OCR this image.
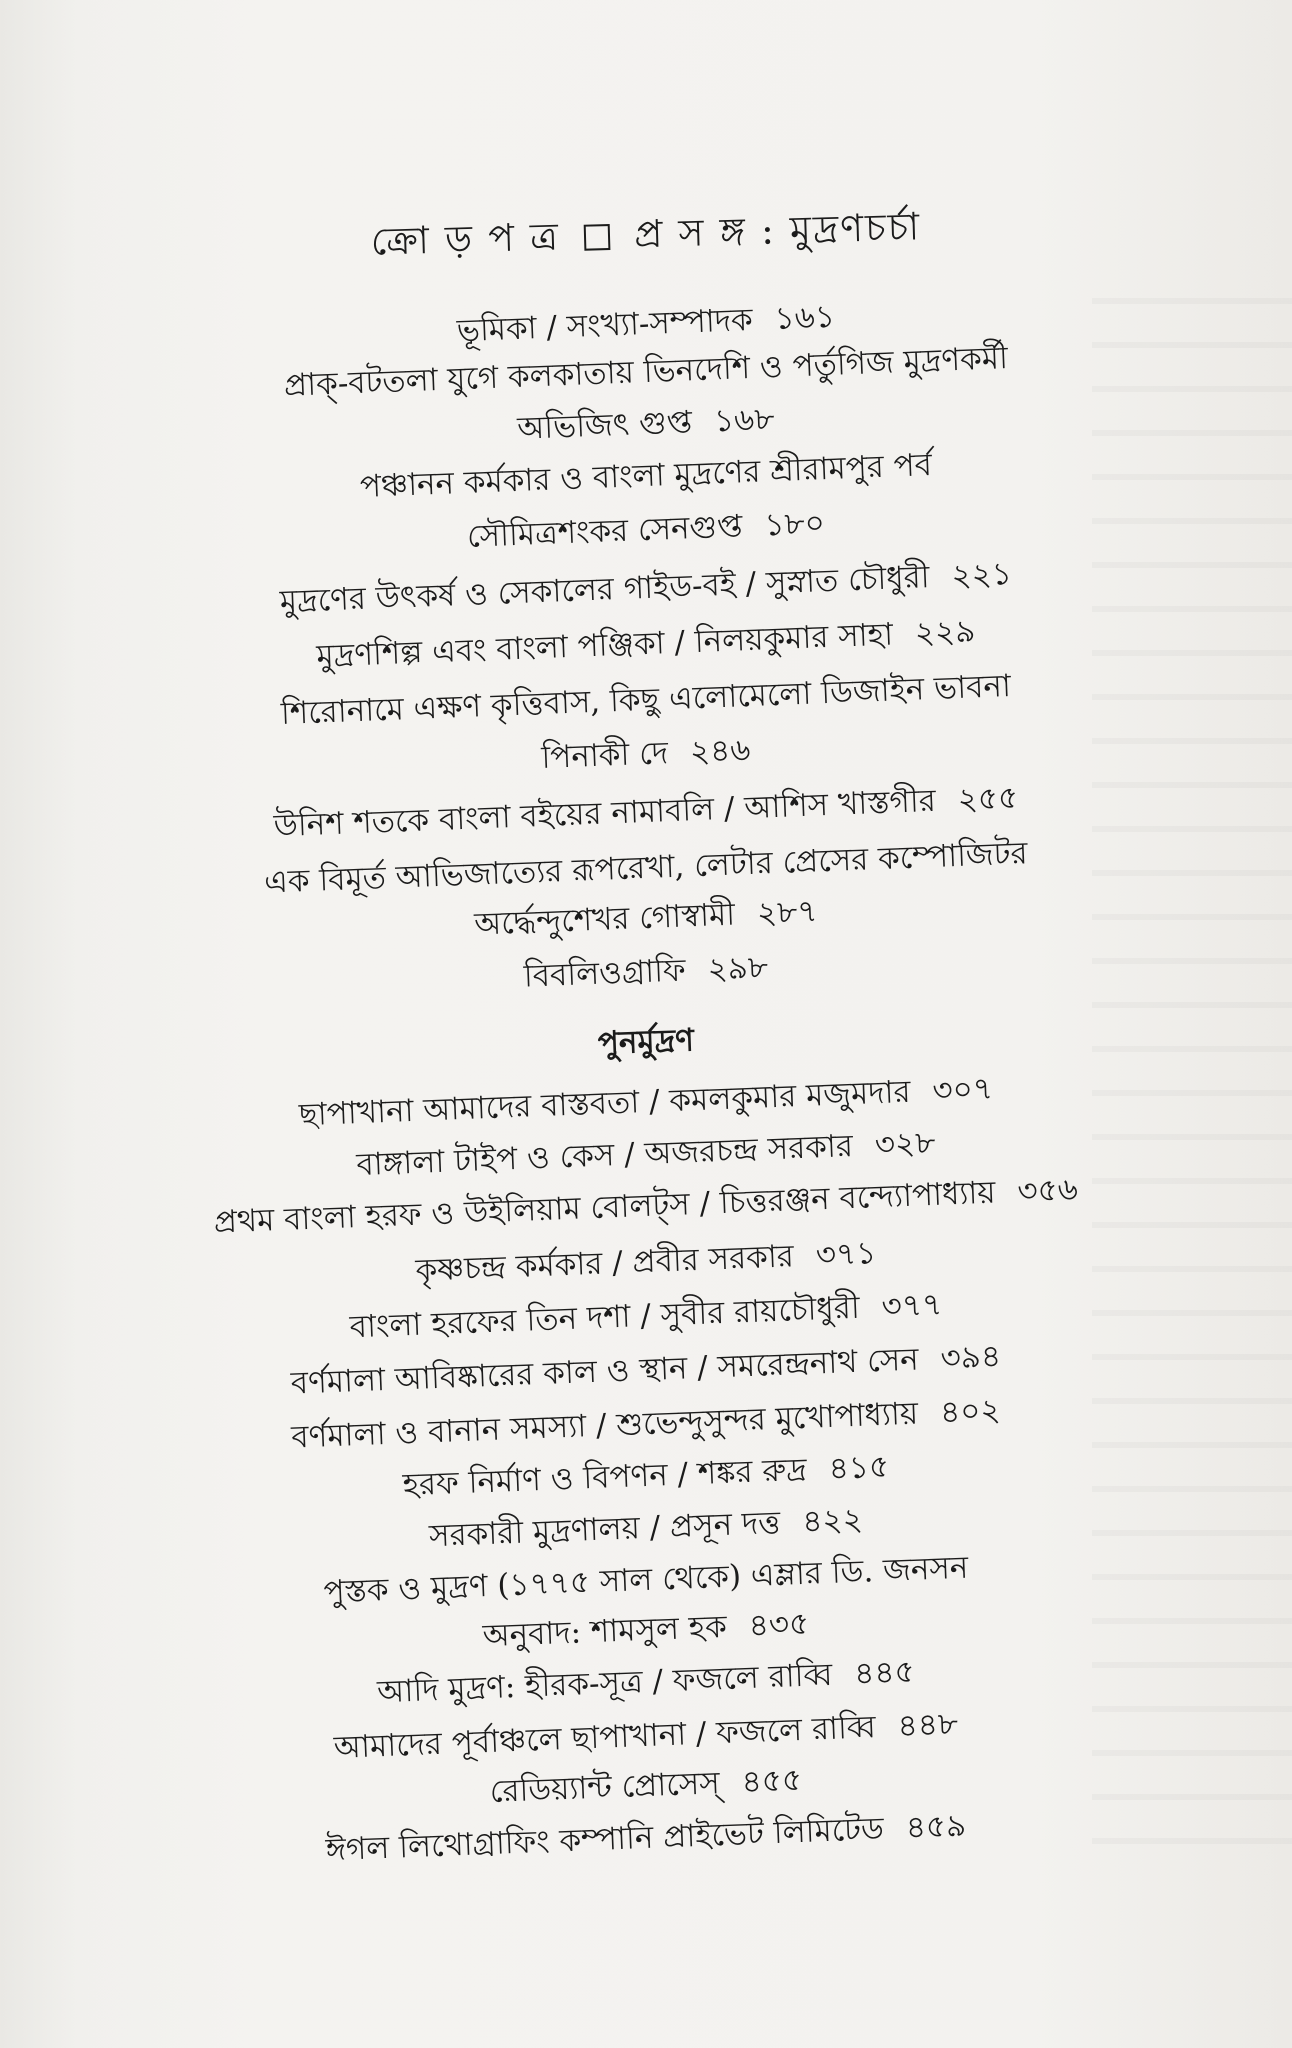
ক্রো ড় প ত্র প্র স ঙ্গ : মুদ্রণচর্চা
ভূমিকা / সংখ্যা-সম্পাদক ১৬১
প্রাক্-বটতলা যুগে কলকাতায় ভিনদেশি ও পর্তুগিজ মুদ্রণকর্মী
অভিজিৎ গুপ্ত ১৬৮
পঞ্চানন কর্মকার ও বাংলা মুদ্রণের শ্রীরামপুর পর্ব
সৌমিত্রশংকর সেনগুপ্ত ১৮০
মুদ্রণের উৎকর্ষ ও সেকালের গাইড-বই / সুস্নাত চৌধুরী ২২১
মুদ্রণশিল্প এবং বাংলা পঞ্জিকা / নিলয়কুমার সাহা ২২৯
শিরোনামে এক্ষণ কৃত্তিবাস, কিছু এলোমেলো ডিজাইন ভাবনা
পিনাকী দে ২৪৬
উনিশ শতকে বাংলা বইয়ের নামাবলি / আশিস খাস্তগীর ২৫৫
এক বিমূর্ত আভিজাত্যের রূপরেখা, লেটার প্রেসের কম্পোজিটর
অর্দ্ধেন্দুশেখর গোস্বামী ২৮৭
বিবলিওগ্রাফি ২৯৮
পুনর্মুদ্রণ
ছাপাখানা আমাদের বাস্তবতা / কমলকুমার মজুমদার ৩০৭
বাঙ্গালা টাইপ ও কেস / অজরচন্দ্র সরকার ৩২৮
প্রথম বাংলা হরফ ও উইলিয়াম বোলট্স / চিত্তরঞ্জন বন্দ্যোপাধ্যায় ৩৫৬
কৃষ্ণচন্দ্র কর্মকার / প্রবীর সরকার ৩৭১
বাংলা হরফের তিন দশা / সুবীর রায়চৌধুরী ৩৭৭
বর্ণমালা আবিষ্কারের কাল ও স্থান / সমরেন্দ্রনাথ সেন ৩৯৪
বর্ণমালা ও বানান সমস্যা / শুভেন্দুসুন্দর মুখোপাধ্যায় ৪০২
হরফ নির্মাণ ও বিপণন / শঙ্কর রুদ্র ৪১৫
সরকারী মুদ্রণালয় / প্রসূন দত্ত ৪২২
পুস্তক ও মুদ্রণ (১৭৭৫ সাল থেকে) এম্লার ডি. জনসন
অনুবাদ: শামসুল হক ৪৩৫
আদি মুদ্রণ: হীরক-সূত্র / ফজলে রাব্বি ৪৪৫
আমাদের পূর্বাঞ্চলে ছাপাখানা / ফজলে রাব্বি ৪৪৮
রেডিয়্যান্ট প্রোসেস্ ৪৫৫
ঈগল লিথোগ্রাফিং কম্পানি প্রাইভেট লিমিটেড ৪৫৯
